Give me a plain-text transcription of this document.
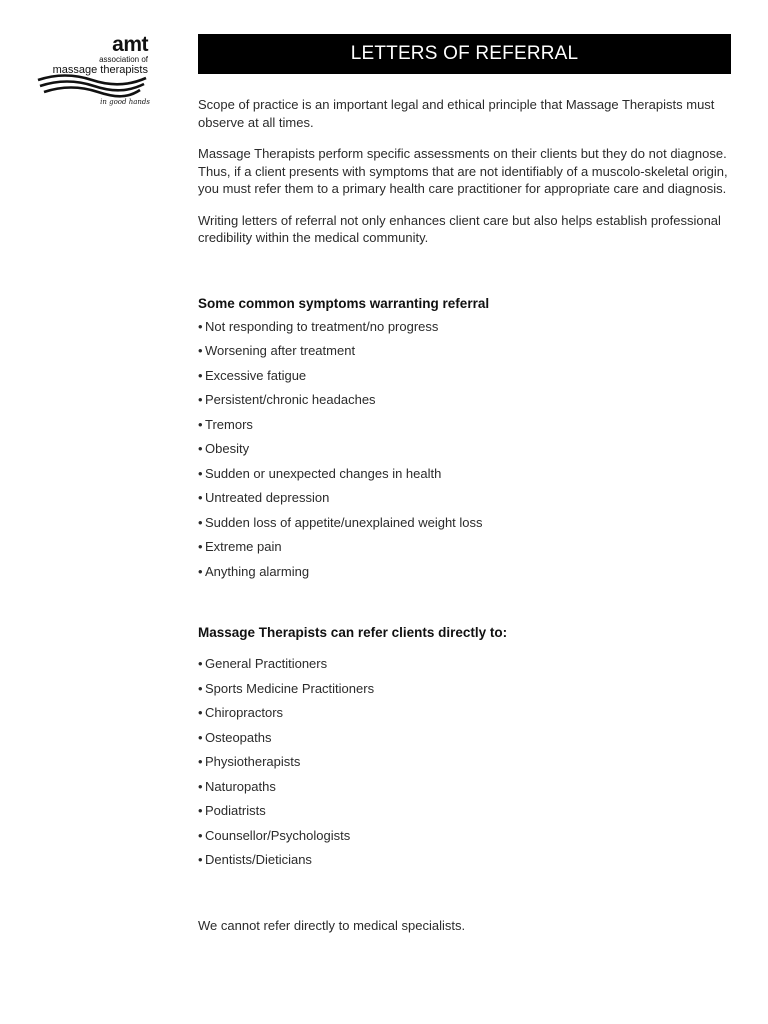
amt
association of
massage therapists
in good hands
LETTERS OF REFERRAL

Scope of practice is an important legal and ethical principle that Massage Therapists must observe at all times.

Massage Therapists perform specific assessments on their clients but they do not diagnose. Thus, if a client presents with symptoms that are not identifiably of a muscolo-skeletal origin, you must refer them to a primary health care practitioner for appropriate care and diagnosis.

Writing letters of referral not only enhances client care but also helps establish professional credibility within the medical community.

Some common symptoms warranting referral
• Not responding to treatment/no progress
• Worsening after treatment
• Excessive fatigue
• Persistent/chronic headaches
• Tremors
• Obesity
• Sudden or unexpected changes in health
• Untreated depression
• Sudden loss of appetite/unexplained weight loss
• Extreme pain
• Anything alarming
Massage Therapists can refer clients directly to:
• General Practitioners
• Sports Medicine Practitioners
• Chiropractors
• Osteopaths
• Physiotherapists
• Naturopaths
• Podiatrists
• Counsellor/Psychologists
• Dentists/Dieticians

We cannot refer directly to medical specialists.
